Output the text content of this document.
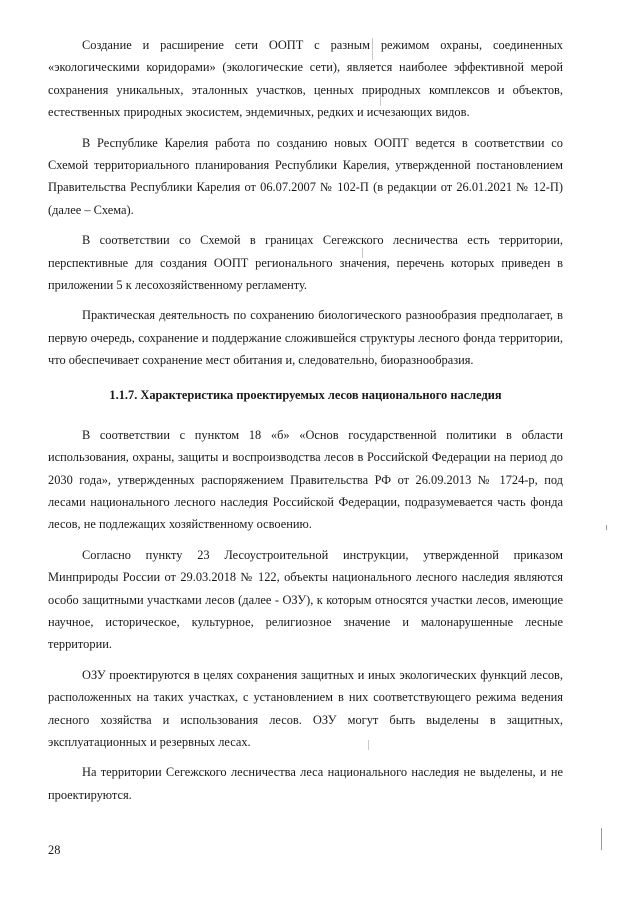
Создание и расширение сети ООПТ с разным режимом охраны, соединенных «экологическими коридорами» (экологические сети), является наиболее эффективной мерой сохранения уникальных, эталонных участков, ценных природных комплексов и объектов, естественных природных экосистем, эндемичных, редких и исчезающих видов.

В Республике Карелия работа по созданию новых ООПТ ведется в соответствии со Схемой территориального планирования Республики Карелия, утвержденной постановлением Правительства Республики Карелия от 06.07.2007 № 102-П (в редакции от 26.01.2021 № 12-П) (далее – Схема).

В соответствии со Схемой в границах Сегежского лесничества есть территории, перспективные для создания ООПТ регионального значения, перечень которых приведен в приложении 5 к лесохозяйственному регламенту.

Практическая деятельность по сохранению биологического разнообразия предполагает, в первую очередь, сохранение и поддержание сложившейся структуры лесного фонда территории, что обеспечивает сохранение мест обитания и, следовательно, биоразнообразия.

1.1.7. Характеристика проектируемых лесов национального наследия

В соответствии с пунктом 18 «б» «Основ государственной политики в области использования, охраны, защиты и воспроизводства лесов в Российской Федерации на период до 2030 года», утвержденных распоряжением Правительства РФ от 26.09.2013 № 1724-р, под лесами национального лесного наследия Российской Федерации, подразумевается часть фонда лесов, не подлежащих хозяйственному освоению.

Согласно пункту 23 Лесоустроительной инструкции, утвержденной приказом Минприроды России от 29.03.2018 № 122, объекты национального лесного наследия являются особо защитными участками лесов (далее - ОЗУ), к которым относятся участки лесов, имеющие научное, историческое, культурное, религиозное значение и малонарушенные лесные территории.

ОЗУ проектируются в целях сохранения защитных и иных экологических функций лесов, расположенных на таких участках, с установлением в них соответствующего режима ведения лесного хозяйства и использования лесов. ОЗУ могут быть выделены в защитных, эксплуатационных и резервных лесах.

На территории Сегежского лесничества леса национального наследия не выделены, и не проектируются.

28
